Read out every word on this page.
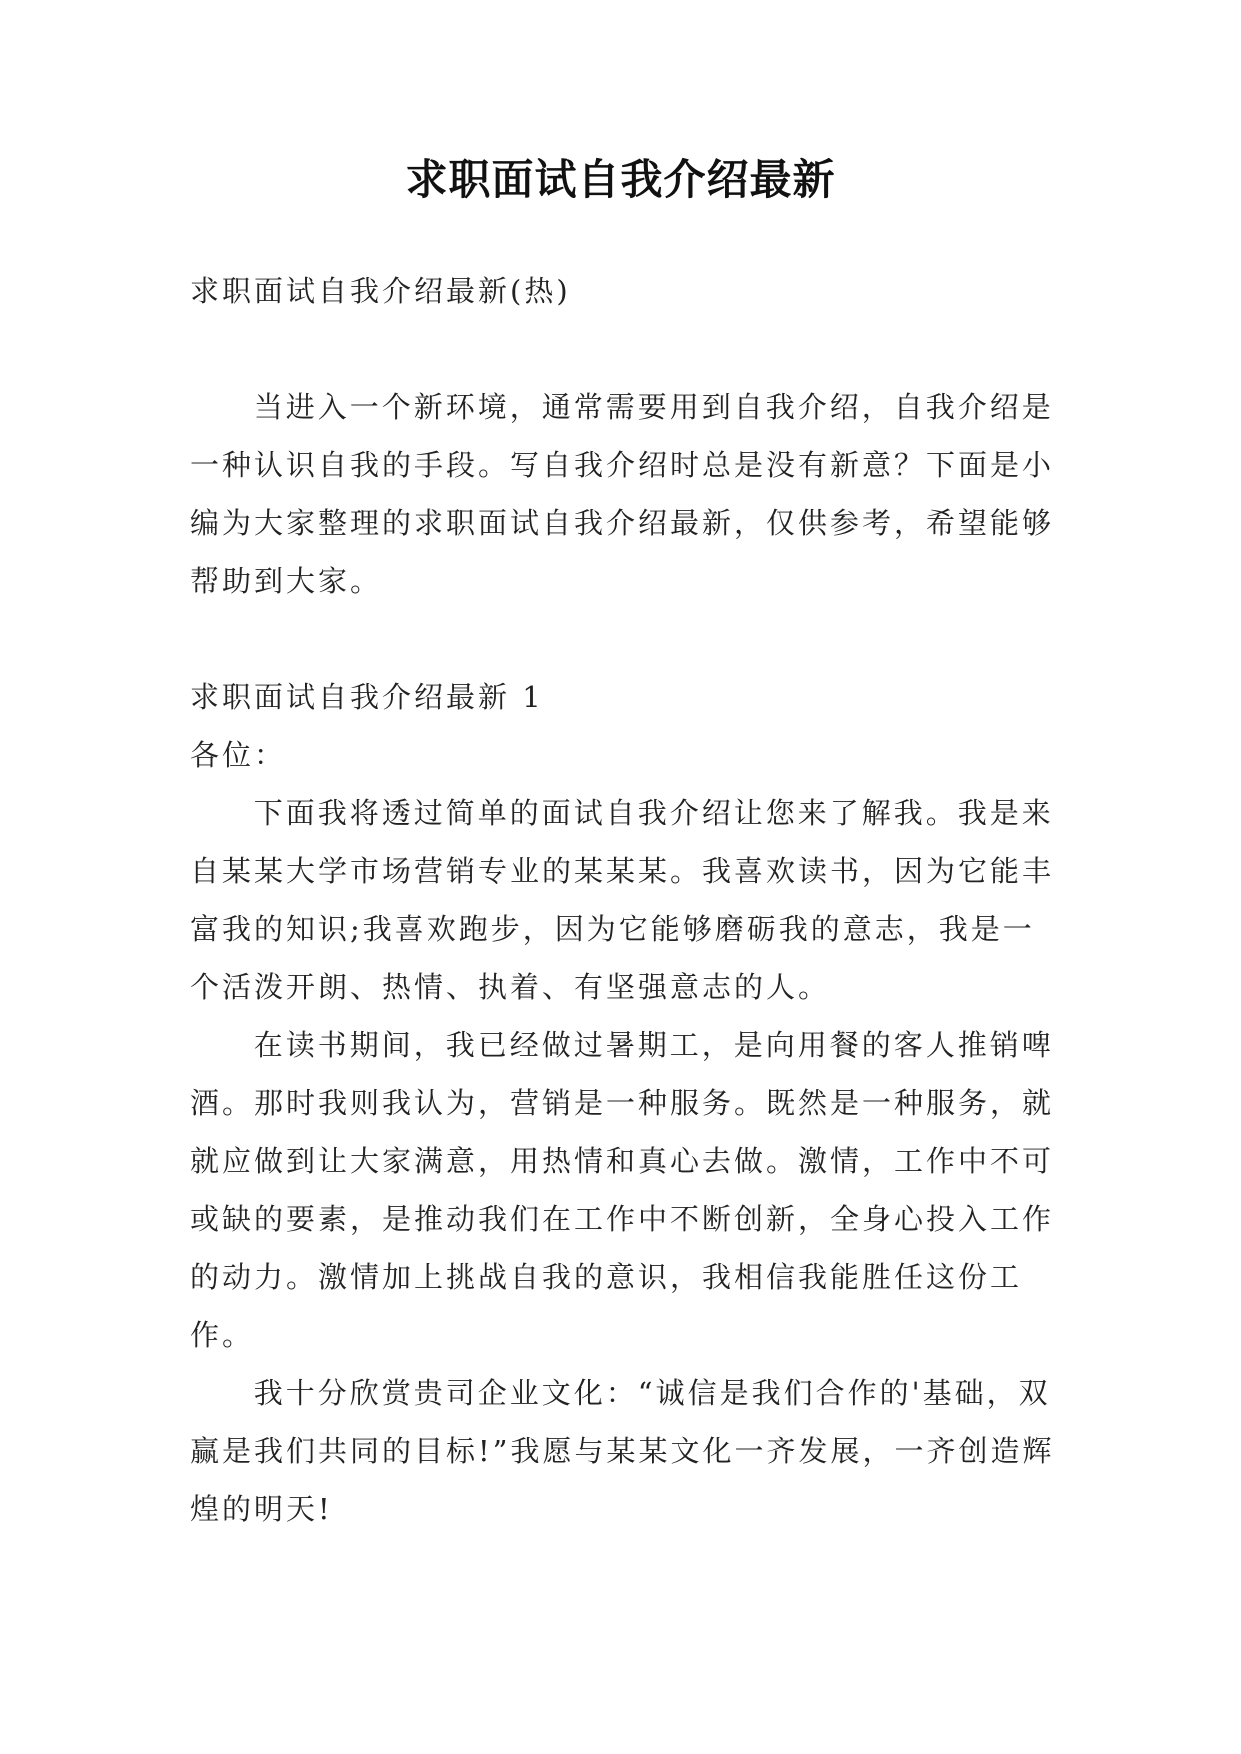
求职面试自我介绍最新

求职面试自我介绍最新(热)

当进入一个新环境，通常需要用到自我介绍，自我介绍是一种认识自我的手段。写自我介绍时总是没有新意？下面是小编为大家整理的求职面试自我介绍最新，仅供参考，希望能够帮助到大家。

求职面试自我介绍最新 1

各位：

下面我将透过简单的面试自我介绍让您来了解我。我是来自某某大学市场营销专业的某某某。我喜欢读书，因为它能丰富我的知识;我喜欢跑步，因为它能够磨砺我的意志，我是一个活泼开朗、热情、执着、有坚强意志的人。

在读书期间，我已经做过暑期工，是向用餐的客人推销啤酒。那时我则我认为，营销是一种服务。既然是一种服务，就就应做到让大家满意，用热情和真心去做。激情，工作中不可或缺的要素，是推动我们在工作中不断创新，全身心投入工作的动力。激情加上挑战自我的意识，我相信我能胜任这份工作。

我十分欣赏贵司企业文化：“诚信是我们合作的'基础，双赢是我们共同的目标!”我愿与某某文化一齐发展，一齐创造辉煌的明天!
